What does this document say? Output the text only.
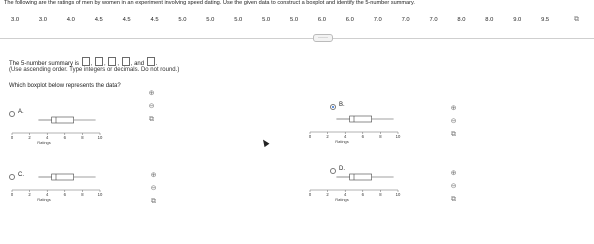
The following are the ratings of men by women in an experiment involving speed dating. Use the given data to construct a boxplot and identify the 5-number summary.
3.0	3.0	4.0	4.5	4.5	4.5	5.0	5.0	5.0	5.0	5.0	6.0	6.0	7.0	7.0	7.0	8.0	8.0	9.0	9.5	⧉
·····
The 5-number summary is , , , , and .
(Use ascending order. Type integers or decimals. Do not round.)
Which boxplot below represents the data?
A.
⊕
⊖
⧉
0	2	4	6	8	10
Ratings
B.	⊕
⊖
⧉
0	2	4	6	8	10
Ratings
C.	⊕
⊖
⧉
0	2	4	6	8	10
Ratings
D.
⊕
⊖
⧉
0	2	4	6	8	10
Ratings
